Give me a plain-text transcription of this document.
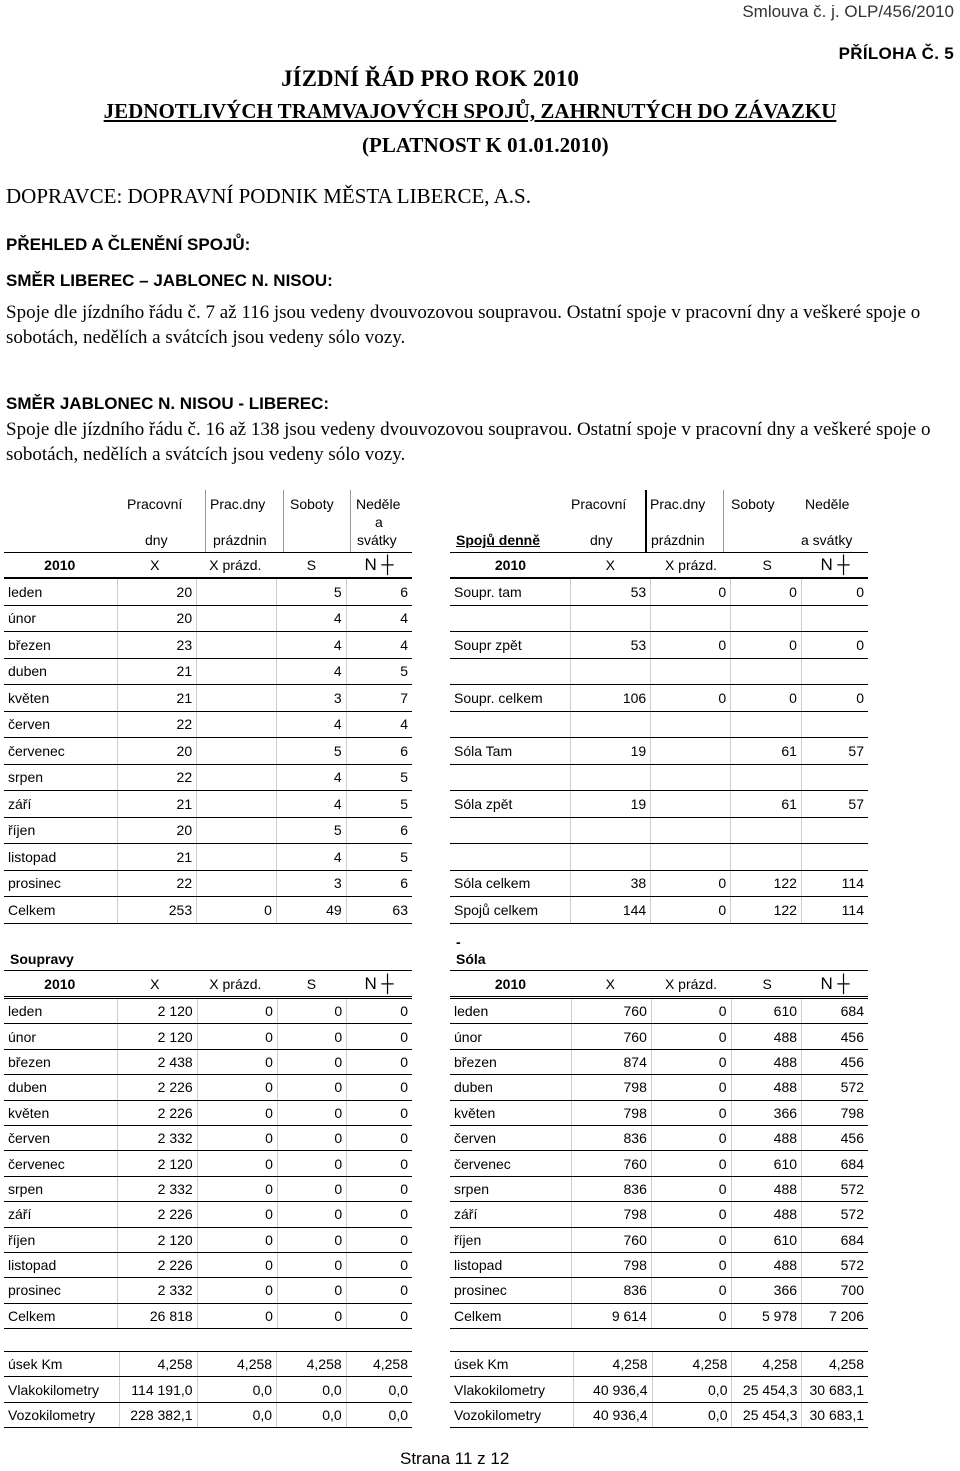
Smlouva č. j. OLP/456/2010
PŘÍLOHA Č. 5
JÍZDNÍ ŘÁD PRO ROK 2010
JEDNOTLIVÝCH TRAMVAJOVÝCH SPOJŮ, ZAHRNUTÝCH DO ZÁVAZKU
(PLATNOST K 01.01.2010)
DOPRAVCE: DOPRAVNÍ PODNIK MĚSTA LIBERCE, A.S.
PŘEHLED A ČLENĚNÍ SPOJŮ:
SMĚR LIBEREC – JABLONEC N. NISOU:
Spoje dle jízdního řádu č. 7 až 116 jsou vedeny dvouvozovou soupravou. Ostatní spoje v pracovní dny a veškeré spoje o sobotách, nedělích a svátcích jsou vedeny sólo vozy.
SMĚR JABLONEC N. NISOU - LIBEREC:
Spoje dle jízdního řádu č. 16 až 138 jsou vedeny dvouvozovou soupravou. Ostatní spoje v pracovní dny a veškeré spoje o sobotách, nedělích a svátcích jsou vedeny sólo vozy.
Pracovní
dny
Prac.dny
prázdnin
Soboty Neděle
a
svátky
Pracovní
dny
Prac.dny
prázdnin
Soboty Neděle
a svátky
Spojů denně
2010	X	X prázd.	S	N ┼	2010	X	X prázd.	S	N ┼
leden	20		5	6
únor	20		4	4
březen	23		4	4
duben	21		4	5
květen	21		3	7
červen	22		4	4
červenec	20		5	6
srpen	22		4	5
září	21		4	5
říjen	20		5	6
listopad	21		4	5
prosinec	22		3	6
Celkem	253	0	49	63
Soupr. tam	53	0	0	0

Soupr zpět	53	0	0	0

Soupr. celkem	106	0	0	0

Sóla Tam	19		61	57

Sóla zpět	19		61	57

Sóla celkem	38	0	122	114
Spojů celkem	144	0	122	114
Soupravy
-
Sóla
2010	X	X prázd.	S	N ┼	2010	X	X prázd.	S	N ┼
leden	2 120	0	0	0
únor	2 120	0	0	0
březen	2 438	0	0	0
duben	2 226	0	0	0
květen	2 226	0	0	0
červen	2 332	0	0	0
červenec	2 120	0	0	0
srpen	2 332	0	0	0
září	2 226	0	0	0
říjen	2 120	0	0	0
listopad	2 226	0	0	0
prosinec	2 332	0	0	0
Celkem	26 818	0	0	0
leden	760	0	610	684
únor	760	0	488	456
březen	874	0	488	456
duben	798	0	488	572
květen	798	0	366	798
červen	836	0	488	456
červenec	760	0	610	684
srpen	836	0	488	572
září	798	0	488	572
říjen	760	0	610	684
listopad	798	0	488	572
prosinec	836	0	366	700
Celkem	9 614	0	5 978	7 206
úsek Km	4,258	4,258	4,258	4,258
Vlakokilometry	114 191,0	0,0	0,0	0,0
Vozokilometry	228 382,1	0,0	0,0	0,0
úsek Km	4,258	4,258	4,258	4,258
Vlakokilometry	40 936,4	0,0	25 454,3	30 683,1
Vozokilometry	40 936,4	0,0	25 454,3	30 683,1
Strana 11 z 12
